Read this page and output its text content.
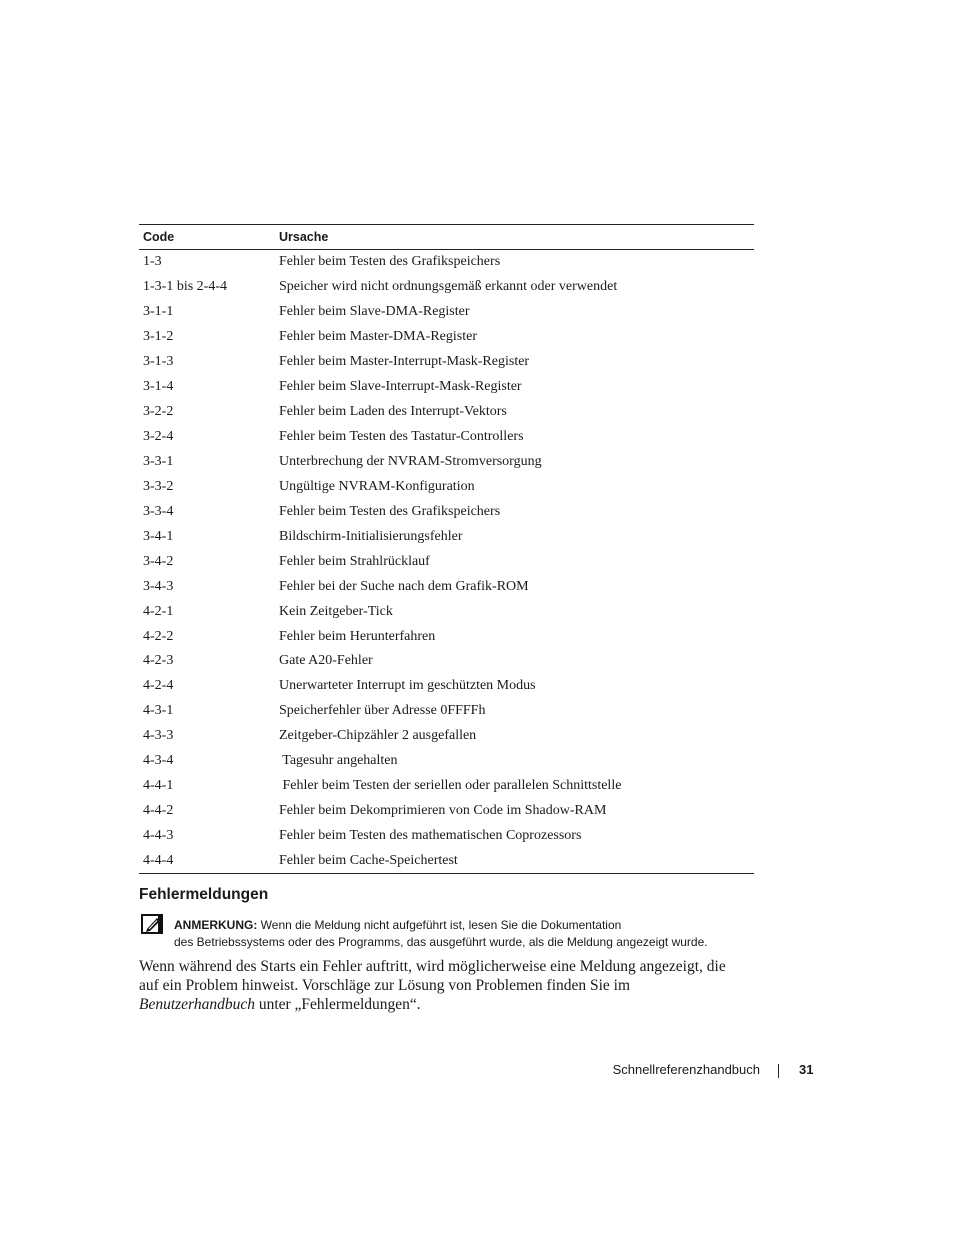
Code	Ursache
1-3	Fehler beim Testen des Grafikspeichers
1-3-1 bis 2-4-4	Speicher wird nicht ordnungsgemäß erkannt oder verwendet
3-1-1	Fehler beim Slave-DMA-Register
3-1-2	Fehler beim Master-DMA-Register
3-1-3	Fehler beim Master-Interrupt-Mask-Register
3-1-4	Fehler beim Slave-Interrupt-Mask-Register
3-2-2	Fehler beim Laden des Interrupt-Vektors
3-2-4	Fehler beim Testen des Tastatur-Controllers
3-3-1	Unterbrechung der NVRAM-Stromversorgung
3-3-2	Ungültige NVRAM-Konfiguration
3-3-4	Fehler beim Testen des Grafikspeichers
3-4-1	Bildschirm-Initialisierungsfehler
3-4-2	Fehler beim Strahlrücklauf
3-4-3	Fehler bei der Suche nach dem Grafik-ROM
4-2-1	Kein Zeitgeber-Tick
4-2-2	Fehler beim Herunterfahren
4-2-3	Gate A20-Fehler
4-2-4	Unerwarteter Interrupt im geschützten Modus
4-3-1	Speicherfehler über Adresse 0FFFFh
4-3-3	Zeitgeber-Chipzähler 2 ausgefallen
4-3-4	Tagesuhr angehalten
4-4-1	Fehler beim Testen der seriellen oder parallelen Schnittstelle
4-4-2	Fehler beim Dekomprimieren von Code im Shadow-RAM
4-4-3	Fehler beim Testen des mathematischen Coprozessors
4-4-4	Fehler beim Cache-Speichertest
Fehlermeldungen
ANMERKUNG: Wenn die Meldung nicht aufgeführt ist, lesen Sie die Dokumentation
des Betriebssystems oder des Programms, das ausgeführt wurde, als die Meldung angezeigt wurde.
Wenn während des Starts ein Fehler auftritt, wird möglicherweise eine Meldung angezeigt, die auf ein Problem hinweist. Vorschläge zur Lösung von Problemen finden Sie im Benutzerhandbuch unter „Fehlermeldungen“.
Schnellreferenzhandbuch	31
